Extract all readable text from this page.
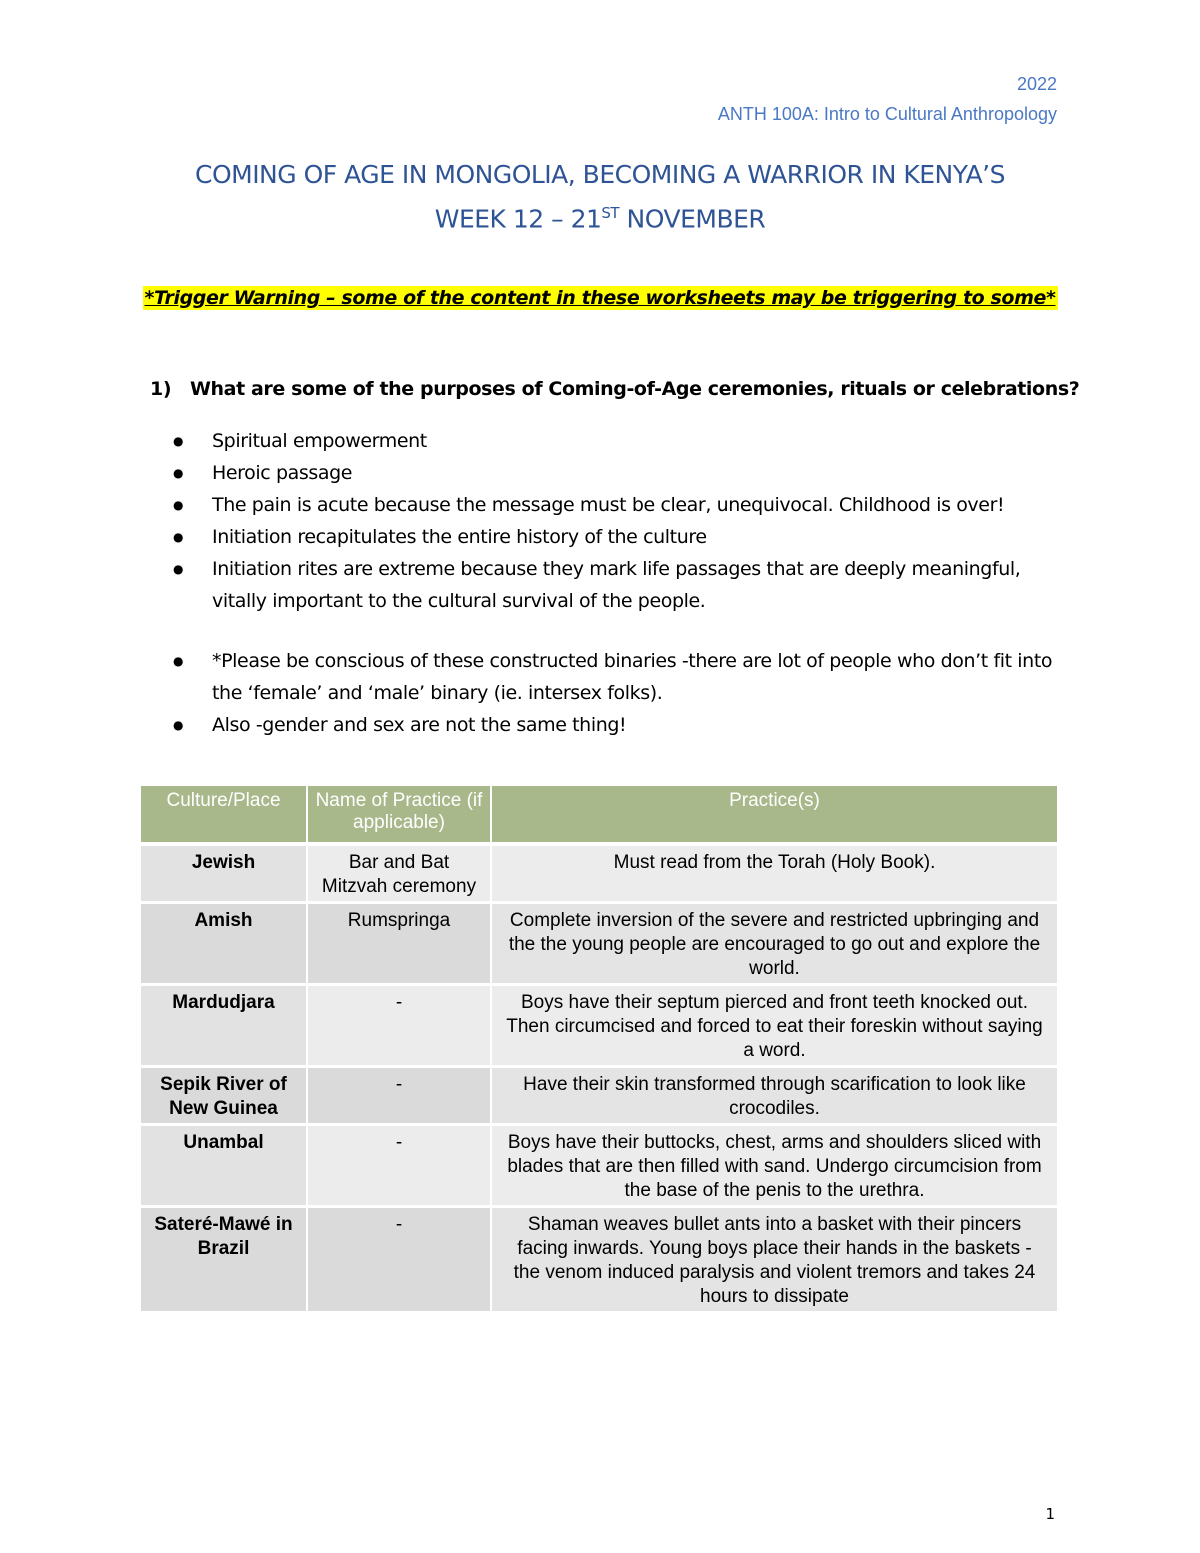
2022
ANTH 100A: Intro to Cultural Anthropology
COMING OF AGE IN MONGOLIA, BECOMING A WARRIOR IN KENYA’S
WEEK 12 – 21ST NOVEMBER
*Trigger Warning – some of the content in these worksheets may be triggering to some*
1) What are some of the purposes of Coming-of-Age ceremonies, rituals or celebrations?
● Spiritual empowerment
● Heroic passage
● The pain is acute because the message must be clear, unequivocal. Childhood is over!
● Initiation recapitulates the entire history of the culture
● Initiation rites are extreme because they mark life passages that are deeply meaningful, vitally important to the cultural survival of the people.
● *Please be conscious of these constructed binaries -there are lot of people who don’t fit into the ‘female’ and ‘male’ binary (ie. intersex folks).
● Also -gender and sex are not the same thing!
Culture/Place	Name of Practice (if applicable)	Practice(s)
Jewish	Bar and Bat Mitzvah ceremony	Must read from the Torah (Holy Book).
Amish	Rumspringa	Complete inversion of the severe and restricted upbringing and the the young people are encouraged to go out and explore the world.
Mardudjara	-	Boys have their septum pierced and front teeth knocked out. Then circumcised and forced to eat their foreskin without saying a word.
Sepik River of New Guinea	-	Have their skin transformed through scarification to look like crocodiles.
Unambal	-	Boys have their buttocks, chest, arms and shoulders sliced with blades that are then filled with sand. Undergo circumcision from the base of the penis to the urethra.
Sateré-Mawé in Brazil	-	Shaman weaves bullet ants into a basket with their pincers facing inwards. Young boys place their hands in the baskets - the venom induced paralysis and violent tremors and takes 24 hours to dissipate
1
